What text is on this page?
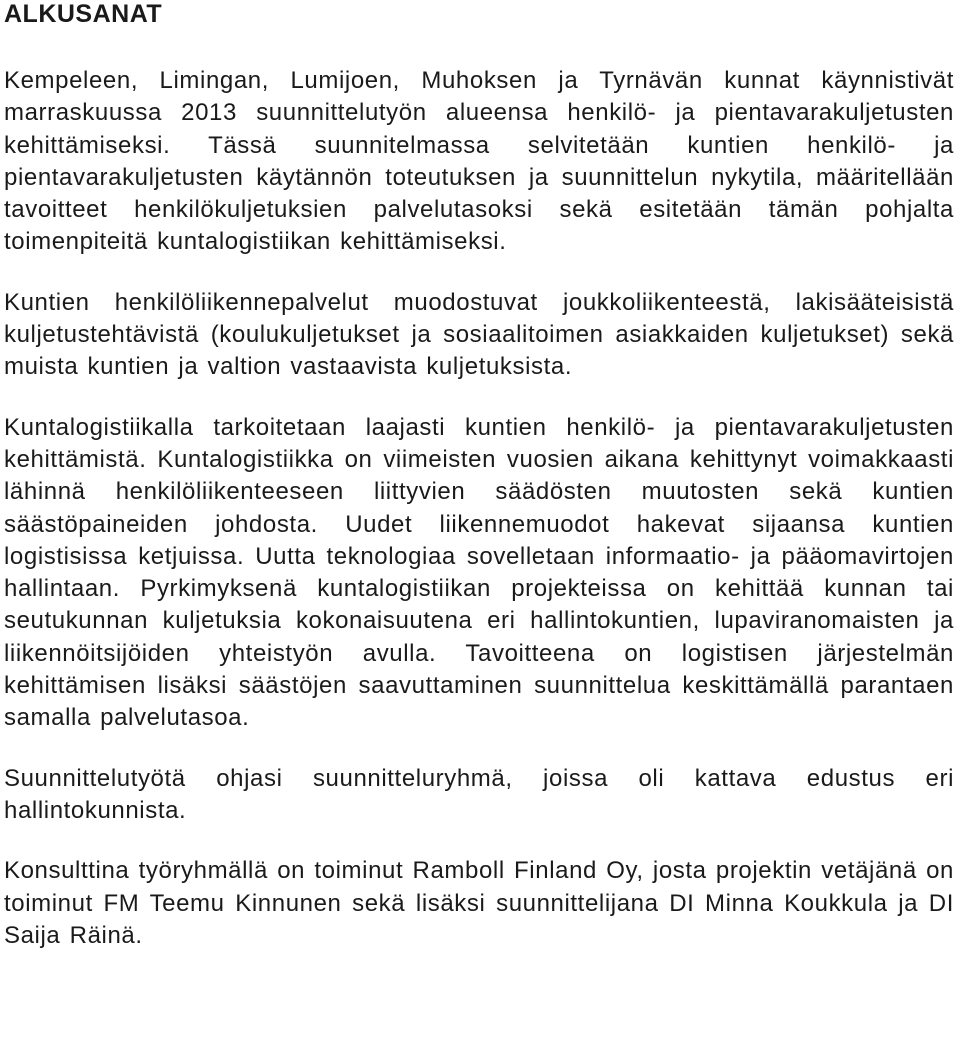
ALKUSANAT

Kempeleen, Limingan, Lumijoen, Muhoksen ja Tyrnävän kunnat käynnistivät marraskuussa 2013 suunnittelutyön alueensa henkilö- ja pientavarakuljetusten kehittämiseksi. Tässä suunnitelmassa selvitetään kuntien henkilö- ja pientavarakuljetusten käytännön toteutuksen ja suunnittelun nykytila, määritellään tavoitteet henkilökuljetuksien palvelutasoksi sekä esitetään tämän pohjalta toimenpiteitä kuntalogistiikan kehittämiseksi.

Kuntien henkilöliikennepalvelut muodostuvat joukkoliikenteestä, lakisääteisistä kuljetustehtävistä (koulukuljetukset ja sosiaalitoimen asiakkaiden kuljetukset) sekä muista kuntien ja valtion vastaavista kuljetuksista.

Kuntalogistiikalla tarkoitetaan laajasti kuntien henkilö- ja pientavarakuljetusten kehittämistä. Kuntalogistiikka on viimeisten vuosien aikana kehittynyt voimakkaasti lähinnä henkilöliikenteeseen liittyvien säädösten muutosten sekä kuntien säästöpaineiden johdosta. Uudet liikennemuodot hakevat sijaansa kuntien logistisissa ketjuissa. Uutta teknologiaa sovelletaan informaatio- ja pääomavirtojen hallintaan. Pyrkimyksenä kuntalogistiikan projekteissa on kehittää kunnan tai seutukunnan kuljetuksia kokonaisuutena eri hallintokuntien, lupaviranomaisten ja liikennöitsijöiden yhteistyön avulla. Tavoitteena on logistisen järjestelmän kehittämisen lisäksi säästöjen saavuttaminen suunnittelua keskittämällä parantaen samalla palvelutasoa.

Suunnittelutyötä ohjasi suunnitteluryhmä, joissa oli kattava edustus eri hallintokunnista.

Konsulttina työryhmällä on toiminut Ramboll Finland Oy, josta projektin vetäjänä on toiminut FM Teemu Kinnunen sekä lisäksi suunnittelijana DI Minna Koukkula ja DI Saija Räinä.
